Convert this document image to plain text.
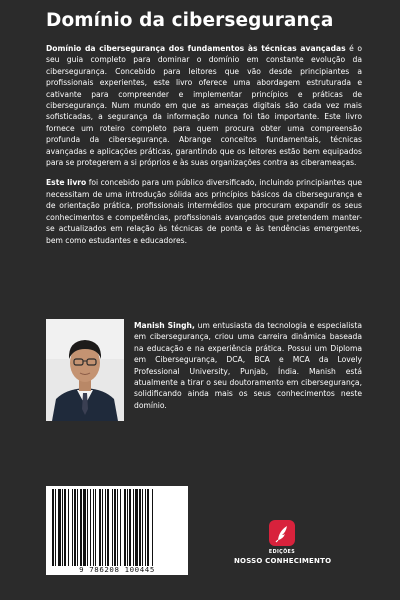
Domínio da cibersegurança

Domínio da cibersegurança dos fundamentos às técnicas avançadas é o seu guia completo para dominar o domínio em constante evolução da cibersegurança. Concebido para leitores que vão desde principiantes a profissionais experientes, este livro oferece uma abordagem estruturada e cativante para compreender e implementar princípios e práticas de cibersegurança. Num mundo em que as ameaças digitais são cada vez mais sofisticadas, a segurança da informação nunca foi tão importante. Este livro fornece um roteiro completo para quem procura obter uma compreensão profunda da cibersegurança. Abrange conceitos fundamentais, técnicas avançadas e aplicações práticas, garantindo que os leitores estão bem equipados para se protegerem a si próprios e às suas organizações contra as ciberameaças.

Este livro foi concebido para um público diversificado, incluindo principiantes que necessitam de uma introdução sólida aos princípios básicos da cibersegurança e de orientação prática, profissionais intermédios que procuram expandir os seus conhecimentos e competências, profissionais avançados que pretendem manter-se actualizados em relação às técnicas de ponta e às tendências emergentes, bem como estudantes e educadores.

Manish Singh, um entusiasta da tecnologia e especialista em cibersegurança, criou uma carreira dinâmica baseada na educação e na experiência prática. Possui um Diploma em Cibersegurança, DCA, BCA e MCA da Lovely Professional University, Punjab, Índia. Manish está atualmente a tirar o seu doutoramento em cibersegurança, solidificando ainda mais os seus conhecimentos neste domínio.
9 786208 100445
EDIÇÕES
NOSSO CONHECIMENTO
